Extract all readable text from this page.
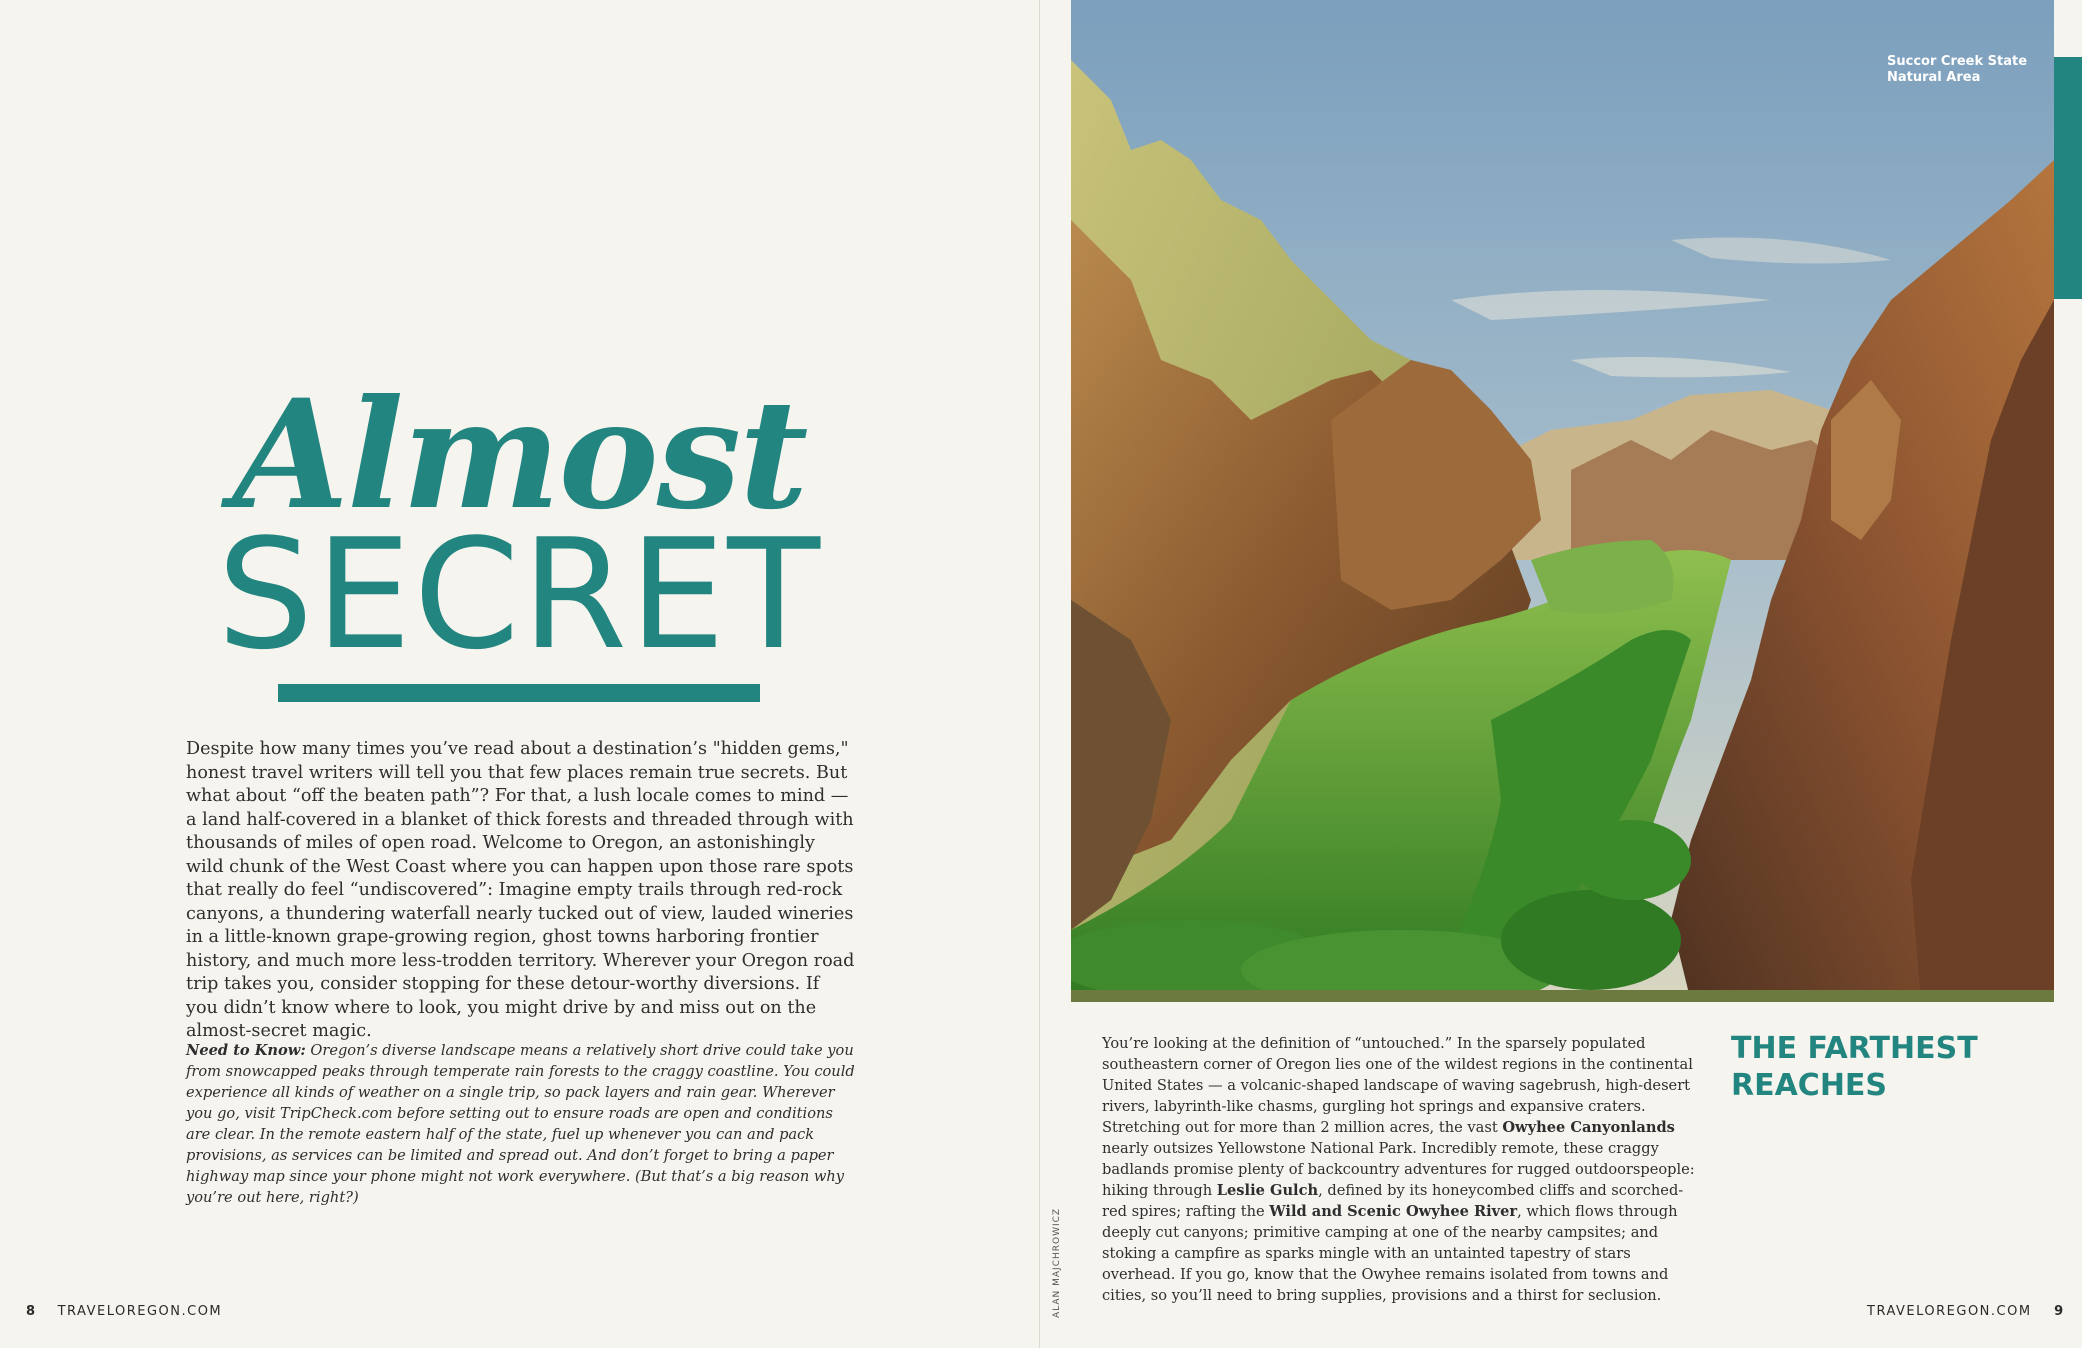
Almost
SECRET

Despite how many times you’ve read about a destination’s "hidden gems," honest travel writers will tell you that few places remain true secrets. But what about “off the beaten path”? For that, a lush locale comes to mind — a land half-covered in a blanket of thick forests and threaded through with thousands of miles of open road. Welcome to Oregon, an astonishingly wild chunk of the West Coast where you can happen upon those rare spots that really do feel “undiscovered”: Imagine empty trails through red-rock canyons, a thundering waterfall nearly tucked out of view, lauded wineries in a little-known grape-growing region, ghost towns harboring frontier history, and much more less-trodden territory. Wherever your Oregon road trip takes you, consider stopping for these detour-worthy diversions. If you didn’t know where to look, you might drive by and miss out on the almost-secret magic.

Need to Know: Oregon’s diverse landscape means a relatively short drive could take you from snowcapped peaks through temperate rain forests to the craggy coastline. You could experience all kinds of weather on a single trip, so pack layers and rain gear. Wherever you go, visit TripCheck.com before setting out to ensure roads are open and conditions are clear. In the remote eastern half of the state, fuel up whenever you can and pack provisions, as services can be limited and spread out. And don’t forget to bring a paper highway map since your phone might not work everywhere. (But that’s a big reason why you’re out here, right?)

8 TRAVELOREGON.COM
Succor Creek State
Natural Area
ALAN MAJCHROWICZ

You’re looking at the definition of “untouched.” In the sparsely populated southeastern corner of Oregon lies one of the wildest regions in the continental United States — a volcanic-shaped landscape of waving sagebrush, high-desert rivers, labyrinth-like chasms, gurgling hot springs and expansive craters. Stretching out for more than 2 million acres, the vast Owyhee Canyonlands nearly outsizes Yellowstone National Park. Incredibly remote, these craggy badlands promise plenty of backcountry adventures for rugged outdoorspeople: hiking through Leslie Gulch, defined by its honeycombed cliffs and scorched-red spires; rafting the Wild and Scenic Owyhee River, which flows through deeply cut canyons; primitive camping at one of the nearby campsites; and stoking a campfire as sparks mingle with an untainted tapestry of stars overhead. If you go, know that the Owyhee remains isolated from towns and cities, so you’ll need to bring supplies, provisions and a thirst for seclusion.

THE FARTHEST
REACHES
TRAVELOREGON.COM 9
